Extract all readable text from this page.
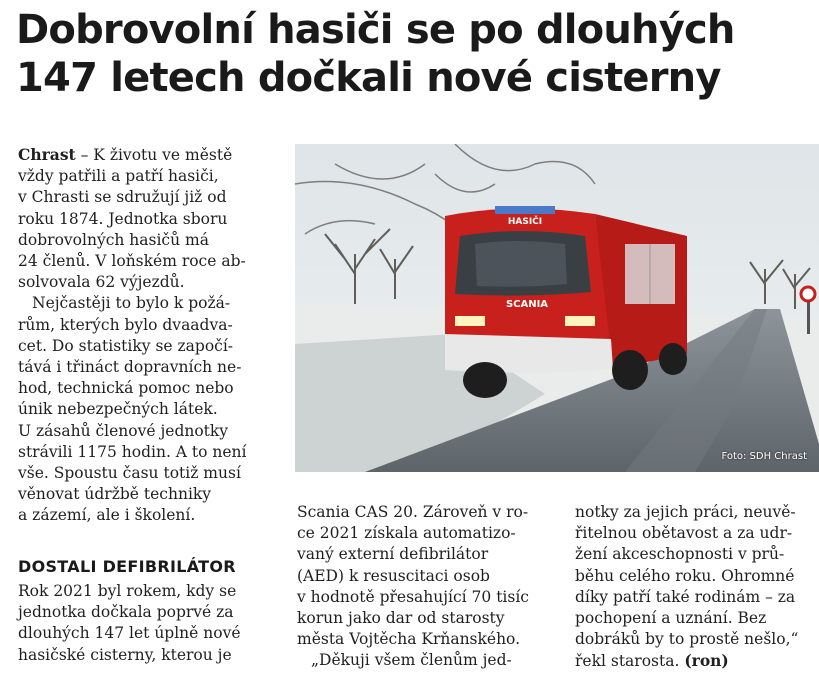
Dobrovolní hasiči se po dlouhých
147 letech dočkali nové cisterny
Chrast – K životu ve městě
vždy patřili a patří hasiči,
v Chrasti se sdružují již od
roku 1874. Jednotka sboru
dobrovolných hasičů má
24 členů. V loňském roce ab-
solvovala 62 výjezdů.
Nejčastěji to bylo k požá-
rům, kterých bylo dvaadva-
cet. Do statistiky se započí-
tává i třináct dopravních ne-
hod, technická pomoc nebo
únik nebezpečných látek.
U zásahů členové jednotky
strávili 1175 hodin. A to není
vše. Spoustu času totiž musí
věnovat údržbě techniky
a zázemí, ale i školení.
DOSTALI DEFIBRILÁTOR
Rok 2021 byl rokem, kdy se
jednotka dočkala poprvé za
dlouhých 147 let úplně nové
hasičské cisterny, kterou je
HASIČI
SCANIA
Foto: SDH Chrast
Scania CAS 20. Zároveň v ro-
ce 2021 získala automatizo-
vaný externí defibrilátor
(AED) k resuscitaci osob
v hodnotě přesahující 70 tisíc
korun jako dar od starosty
města Vojtěcha Krňanského.
„Děkuji všem členům jed-
notky za jejich práci, neuvě-
řitelnou obětavost a za udr-
žení akceschopnosti v prů-
běhu celého roku. Ohromné
díky patří také rodinám – za
pochopení a uznání. Bez
dobráků by to prostě nešlo,“
řekl starosta. (ron)
